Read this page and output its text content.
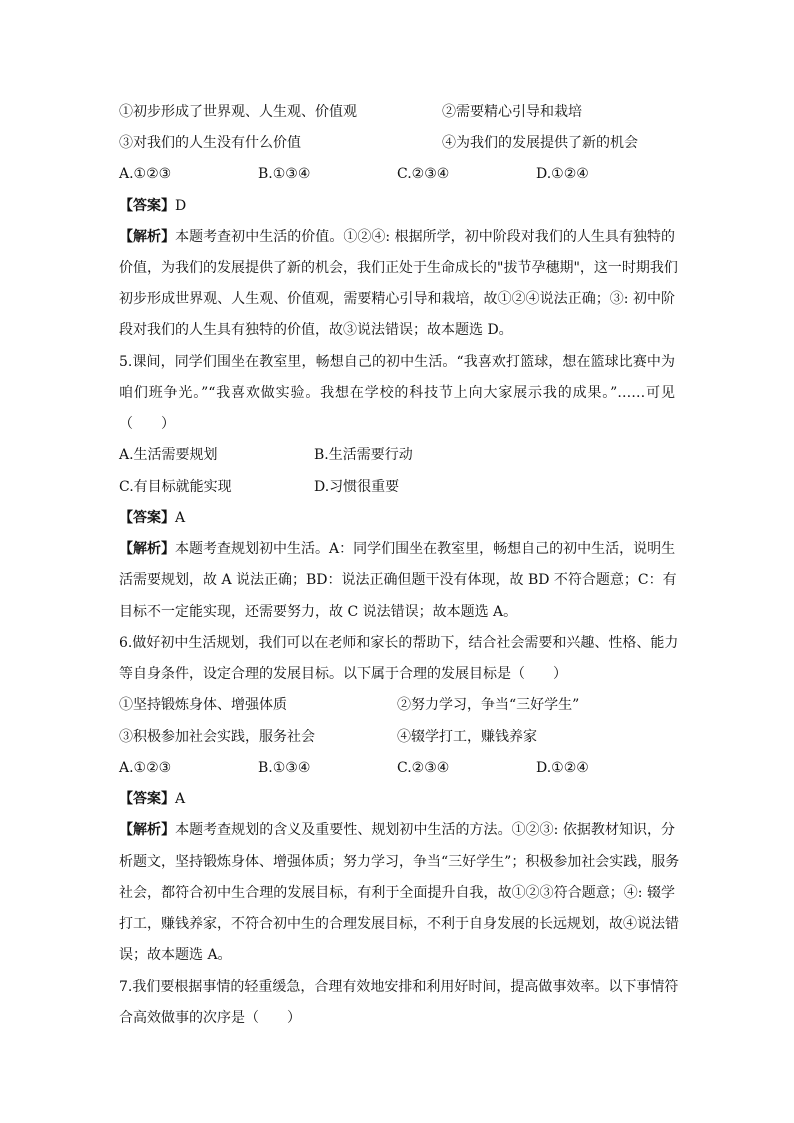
①初步形成了世界观、人生观、价值观	②需要精心引导和栽培
③对我们的人生没有什么价值	④为我们的发展提供了新的机会
A.①②③	B.①③④	C.②③④	D.①②④
【答案】D
【解析】本题考查初中生活的价值。①②④: 根据所学，初中阶段对我们的人生具有独特的
价值，为我们的发展提供了新的机会，我们正处于生命成长的"拔节孕穗期"，这一时期我们
初步形成世界观、人生观、价值观，需要精心引导和栽培，故①②④说法正确；③: 初中阶
段对我们的人生具有独特的价值，故③说法错误；故本题选 D。
5.课间，同学们围坐在教室里，畅想自己的初中生活。“我喜欢打篮球，想在篮球比赛中为
咱们班争光。”“我喜欢做实验。我想在学校的科技节上向大家展示我的成果。”……可见
（　　）
A.生活需要规划	B.生活需要行动
C.有目标就能实现	D.习惯很重要
【答案】A
【解析】本题考查规划初中生活。A：同学们围坐在教室里，畅想自己的初中生活，说明生
活需要规划，故 A 说法正确；BD：说法正确但题干没有体现，故 BD 不符合题意；C：有
目标不一定能实现，还需要努力，故 C 说法错误；故本题选 A。
6.做好初中生活规划，我们可以在老师和家长的帮助下，结合社会需要和兴趣、性格、能力
等自身条件，设定合理的发展目标。以下属于合理的发展目标是（　　）
①坚持锻炼身体、增强体质	②努力学习，争当“三好学生”
③积极参加社会实践，服务社会	④辍学打工，赚钱养家
A.①②③	B.①③④	C.②③④	D.①②④
【答案】A
【解析】本题考查规划的含义及重要性、规划初中生活的方法。①②③: 依据教材知识，分
析题文，坚持锻炼身体、增强体质；努力学习，争当“三好学生”；积极参加社会实践，服务
社会，都符合初中生合理的发展目标，有利于全面提升自我，故①②③符合题意；④: 辍学
打工，赚钱养家，不符合初中生的合理发展目标，不利于自身发展的长远规划，故④说法错
误；故本题选 A。
7.我们要根据事情的轻重缓急，合理有效地安排和利用好时间，提高做事效率。以下事情符
合高效做事的次序是（　　）
